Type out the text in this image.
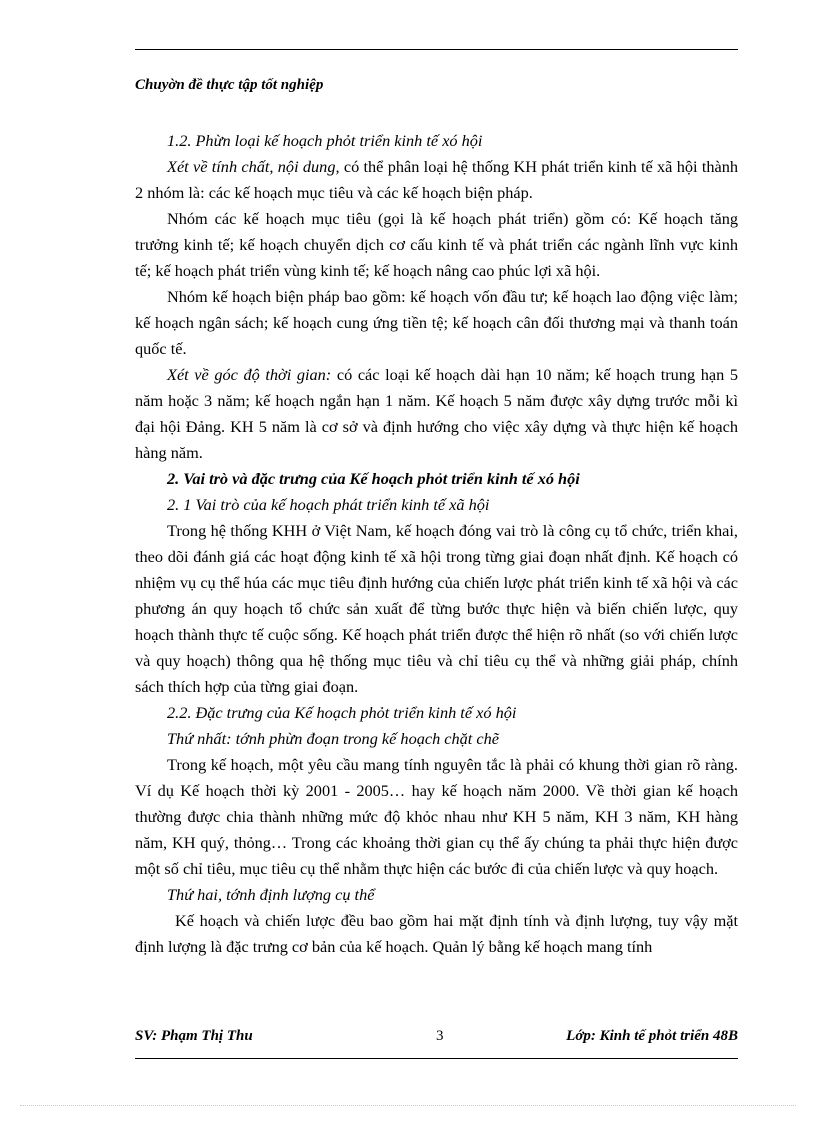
Chuyờn đề thực tập tốt nghiệp

1.2. Phừn loại kế hoạch phỏt triển kinh tế xó hội

Xét về tính chất, nội dung, có thể phân loại hệ thống KH phát triển kinh tế xã hội thành 2 nhóm là: các kế hoạch mục tiêu và các kế hoạch biện pháp.

Nhóm các kế hoạch mục tiêu (gọi là kế hoạch phát triển) gồm có: Kế hoạch tăng trưởng kinh tế; kế hoạch chuyển dịch cơ cấu kinh tế và phát triển các ngành lĩnh vực kinh tế; kế hoạch phát triển vùng kinh tế; kế hoạch nâng cao phúc lợi xã hội.

Nhóm kế hoạch biện pháp bao gồm: kế hoạch vốn đầu tư; kế hoạch lao động việc làm; kế hoạch ngân sách; kế hoạch cung ứng tiền tệ; kế hoạch cân đối thương mại và thanh toán quốc tế.

Xét về góc độ thời gian: có các loại kế hoạch dài hạn 10 năm; kế hoạch trung hạn 5 năm hoặc 3 năm; kế hoạch ngắn hạn 1 năm. Kế hoạch 5 năm được xây dựng trước mỗi kì đại hội Đảng. KH 5 năm là cơ sở và định hướng cho việc xây dựng và thực hiện kế hoạch hàng năm.

2. Vai trò và đặc trưng của Kế hoạch phỏt triển kinh tế xó hội

2. 1 Vai trò của kế hoạch phát triển kinh tế xã hội

Trong hệ thống KHH ở Việt Nam, kế hoạch đóng vai trò là công cụ tổ chức, triển khai, theo dõi đánh giá các hoạt động kinh tế xã hội trong từng giai đoạn nhất định. Kế hoạch có nhiệm vụ cụ thể húa các mục tiêu định hướng của chiến lược phát triển kinh tế xã hội và các phương án quy hoạch tổ chức sản xuất để từng bước thực hiện và biến chiến lược, quy hoạch thành thực tế cuộc sống. Kế hoạch phát triển được thể hiện rõ nhất (so với chiến lược và quy hoạch) thông qua hệ thống mục tiêu và chỉ tiêu cụ thể và những giải pháp, chính sách thích hợp của từng giai đoạn.

2.2. Đặc trưng của Kế hoạch phỏt triển kinh tế xó hội

Thứ nhất: tớnh phừn đoạn trong kế hoạch chặt chẽ

Trong kế hoạch, một yêu cầu mang tính nguyên tắc là phải có khung thời gian rõ ràng. Ví dụ Kế hoạch thời kỳ 2001 - 2005… hay kế hoạch năm 2000. Về thời gian kế hoạch thường được chia thành những mức độ khỏc nhau như KH 5 năm, KH 3 năm, KH hàng năm, KH quý, thỏng… Trong các khoảng thời gian cụ thể ấy chúng ta phải thực hiện được một số chỉ tiêu, mục tiêu cụ thể nhằm thực hiện các bước đi của chiến lược và quy hoạch.

Thứ hai, tớnh định lượng cụ thể

Kế hoạch và chiến lược đều bao gồm hai mặt định tính và định lượng, tuy vậy mặt định lượng là đặc trưng cơ bản của kế hoạch. Quản lý bằng kế hoạch mang tính

SV: Phạm Thị Thu	3	Lớp: Kinh tế phỏt triển 48B
